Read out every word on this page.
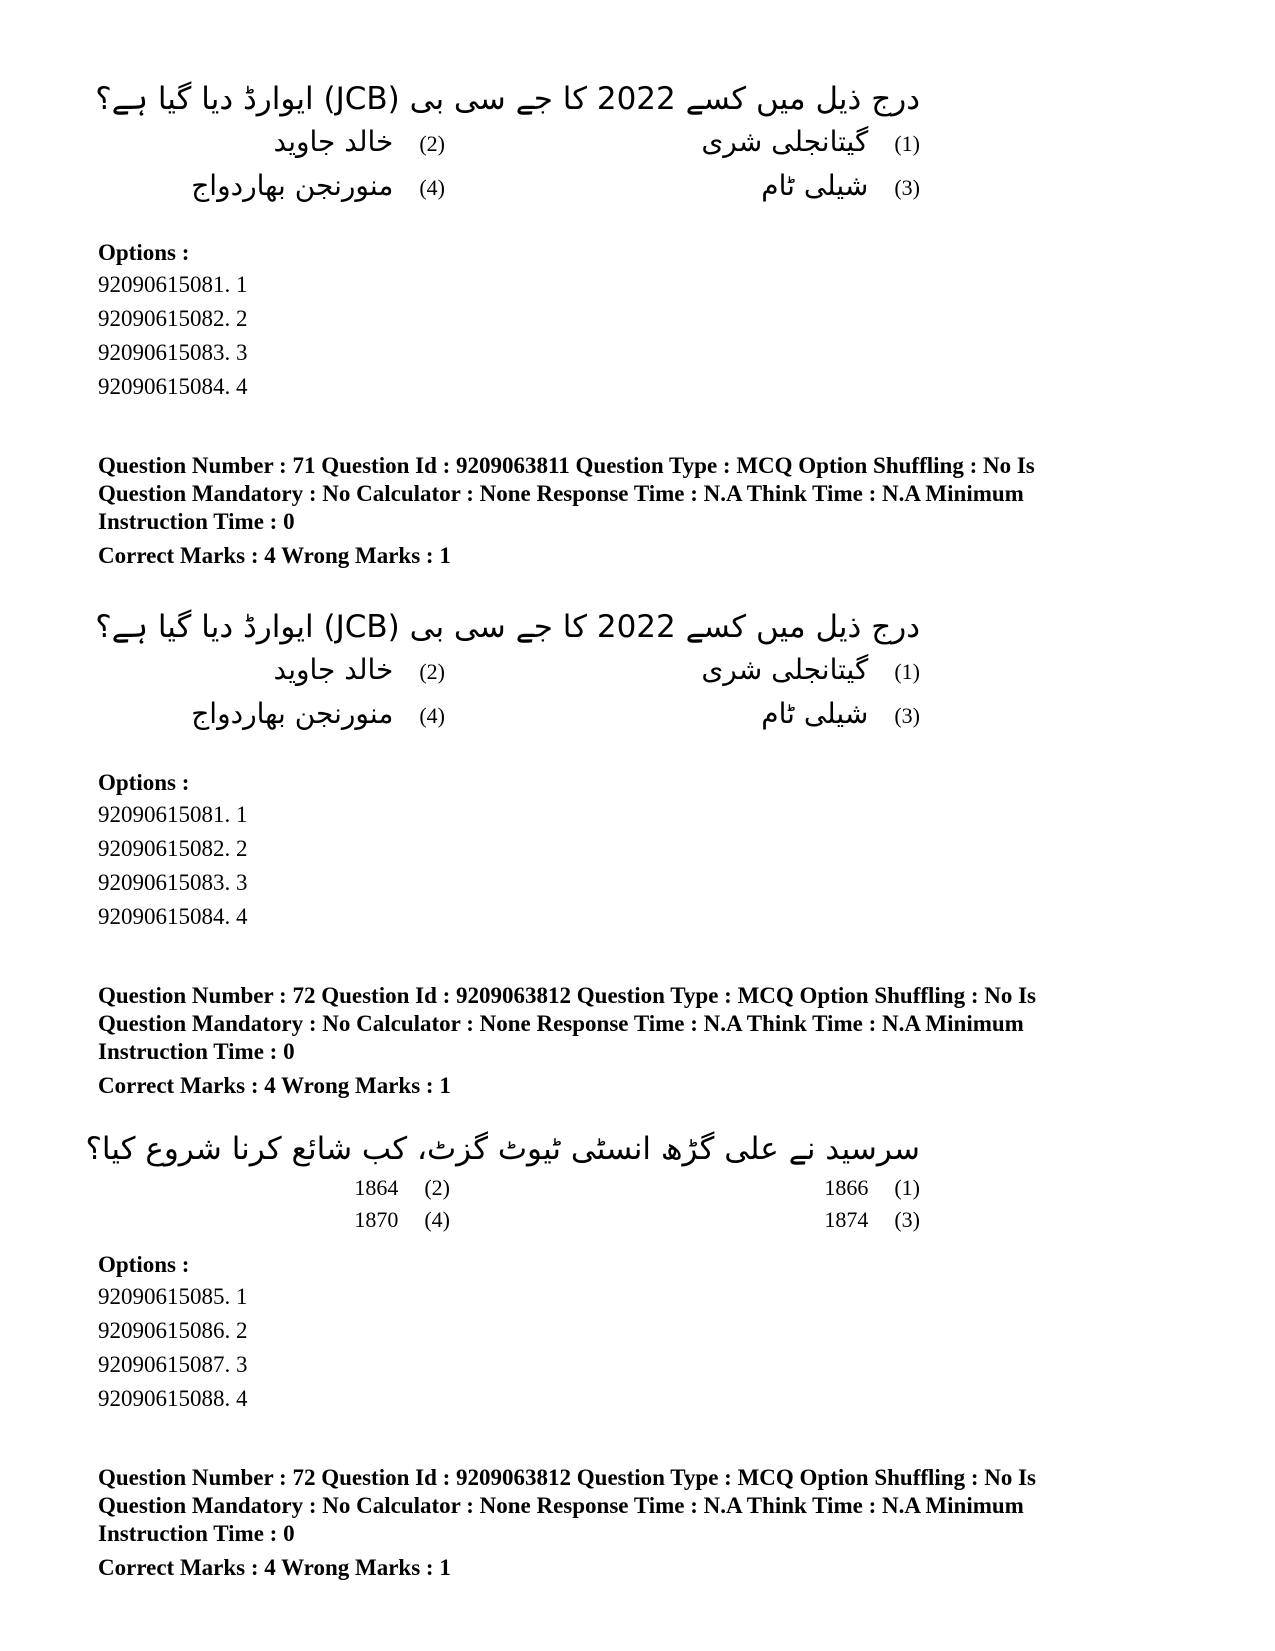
درج ذیل میں کسے 2022 کا جے سی بی (JCB) ایوارڈ دیا گیا ہے؟
(1)گیتانجلی شری
(2)خالد جاوید
(3)شیلی ٹام
(4)منورنجن بھاردواج

Options :

92090615081. 1

92090615082. 2

92090615083. 3

92090615084. 4

Question Number : 71 Question Id : 9209063811 Question Type : MCQ Option Shuffling : No Is

Question Mandatory : No Calculator : None Response Time : N.A Think Time : N.A Minimum

Instruction Time : 0

Correct Marks : 4 Wrong Marks : 1

درج ذیل میں کسے 2022 کا جے سی بی (JCB) ایوارڈ دیا گیا ہے؟
(1)گیتانجلی شری
(2)خالد جاوید
(3)شیلی ٹام
(4)منورنجن بھاردواج

Options :

92090615081. 1

92090615082. 2

92090615083. 3

92090615084. 4

Question Number : 72 Question Id : 9209063812 Question Type : MCQ Option Shuffling : No Is

Question Mandatory : No Calculator : None Response Time : N.A Think Time : N.A Minimum

Instruction Time : 0

Correct Marks : 4 Wrong Marks : 1

سرسید نے علی گڑھ انسٹی ٹیوٹ گزٹ، کب شائع کرنا شروع کیا؟
(1)1866
(2)1864
(3)1874
(4)1870

Options :

92090615085. 1

92090615086. 2

92090615087. 3

92090615088. 4

Question Number : 72 Question Id : 9209063812 Question Type : MCQ Option Shuffling : No Is

Question Mandatory : No Calculator : None Response Time : N.A Think Time : N.A Minimum

Instruction Time : 0

Correct Marks : 4 Wrong Marks : 1
